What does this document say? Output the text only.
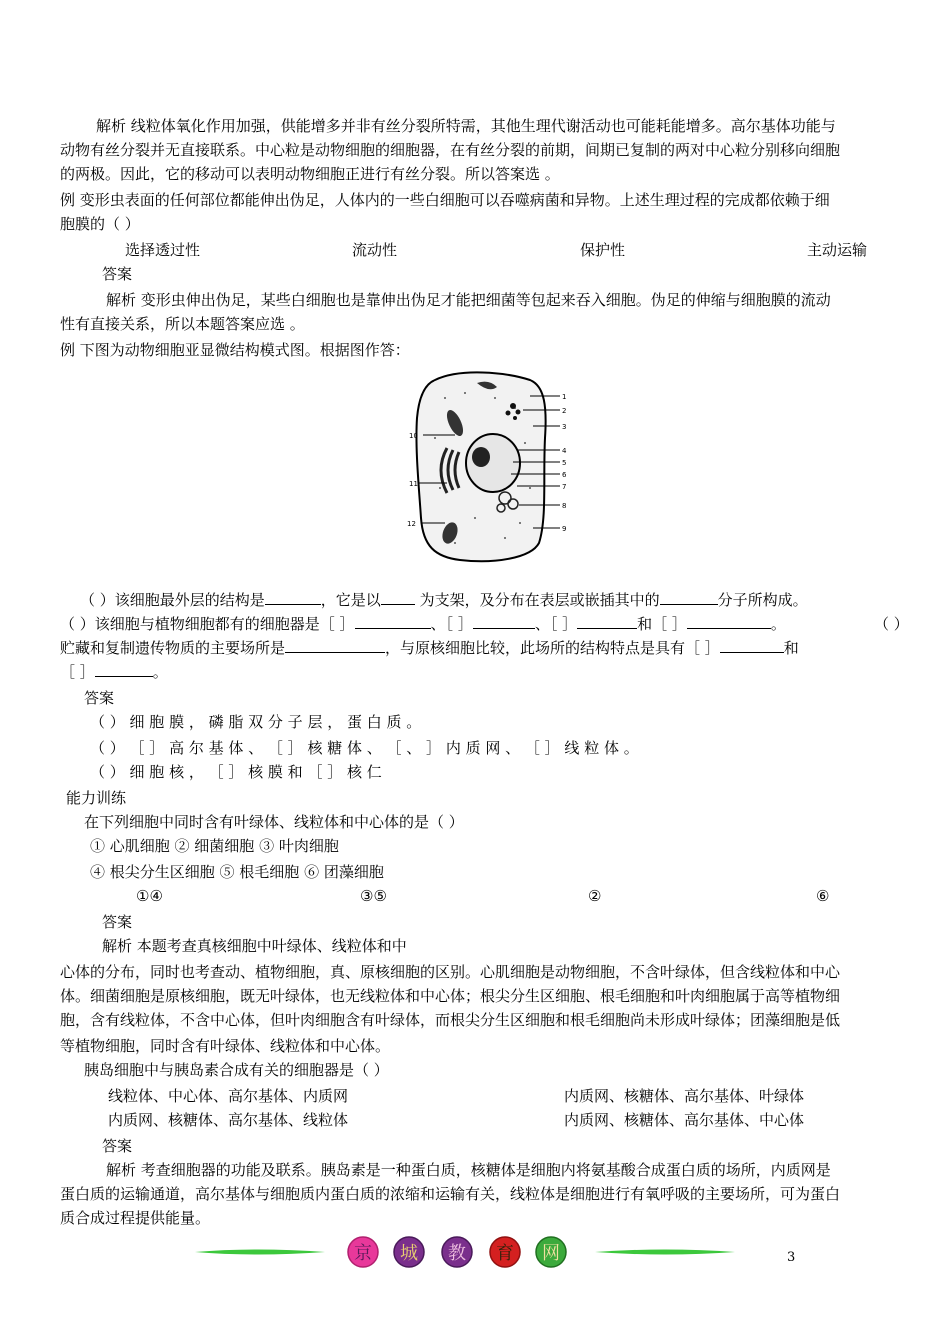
解析 线粒体氧化作用加强，供能增多并非有丝分裂所特需，其他生理代谢活动也可能耗能增多。高尔基体功能与
动物有丝分裂并无直接联系。中心粒是动物细胞的细胞器，在有丝分裂的前期，间期已复制的两对中心粒分别移向细胞
的两极。因此，它的移动可以表明动物细胞正进行有丝分裂。所以答案选 。
例 变形虫表面的任何部位都能伸出伪足，人体内的一些白细胞可以吞噬病菌和异物。上述生理过程的完成都依赖于细
胞膜的（ ）
选择透过性	流动性	保护性	主动运输
答案
解析 变形虫伸出伪足，某些白细胞也是靠伸出伪足才能把细菌等包起来吞入细胞。伪足的伸缩与细胞膜的流动
性有直接关系，所以本题答案应选 。
例 下图为动物细胞亚显微结构模式图。根据图作答：
1
2
3
4
5
6
7
8
9
10
11
12
（ ）该细胞最外层的结构是	，它是以 为支架，及分布在表层或嵌插其中的	分子所构成。
（ ）该细胞与植物细胞都有的细胞器是［ ］	、［ ］	、［ ］	和［ ］	。	（ ）
贮藏和复制遗传物质的主要场所是	，与原核细胞比较，此场所的结构特点是具有［ ］	和
［ ］	。
答案
（ ） 细 胞 膜 ， 磷 脂 双 分 子 层 ， 蛋 白 质 。
（ ） ［ ］ 高 尔 基 体 、 ［ ］ 核 糖 体 、 ［ 、 ］ 内 质 网 、 ［ ］ 线 粒 体 。
（ ） 细 胞 核 ， ［ ］ 核 膜 和 ［ ］ 核 仁
能力训练
在下列细胞中同时含有叶绿体、线粒体和中心体的是（ ）
① 心肌细胞 ② 细菌细胞 ③ 叶肉细胞
④ 根尖分生区细胞 ⑤ 根毛细胞 ⑥ 团藻细胞
①④	③⑤	②	⑥
答案
解析 本题考查真核细胞中叶绿体、线粒体和中
心体的分布，同时也考查动、植物细胞，真、原核细胞的区别。心肌细胞是动物细胞，不含叶绿体，但含线粒体和中心
体。细菌细胞是原核细胞，既无叶绿体，也无线粒体和中心体；根尖分生区细胞、根毛细胞和叶肉细胞属于高等植物细
胞，含有线粒体，不含中心体，但叶肉细胞含有叶绿体，而根尖分生区细胞和根毛细胞尚未形成叶绿体；团藻细胞是低
等植物细胞，同时含有叶绿体、线粒体和中心体。
胰岛细胞中与胰岛素合成有关的细胞器是（ ）
线粒体、中心体、高尔基体、内质网	内质网、核糖体、高尔基体、叶绿体
内质网、核糖体、高尔基体、线粒体	内质网、核糖体、高尔基体、中心体
答案
解析 考查细胞器的功能及联系。胰岛素是一种蛋白质，核糖体是细胞内将氨基酸合成蛋白质的场所，内质网是
蛋白质的运输通道，高尔基体与细胞质内蛋白质的浓缩和运输有关，线粒体是细胞进行有氧呼吸的主要场所，可为蛋白
质合成过程提供能量。
京 城 教 育 网	3
